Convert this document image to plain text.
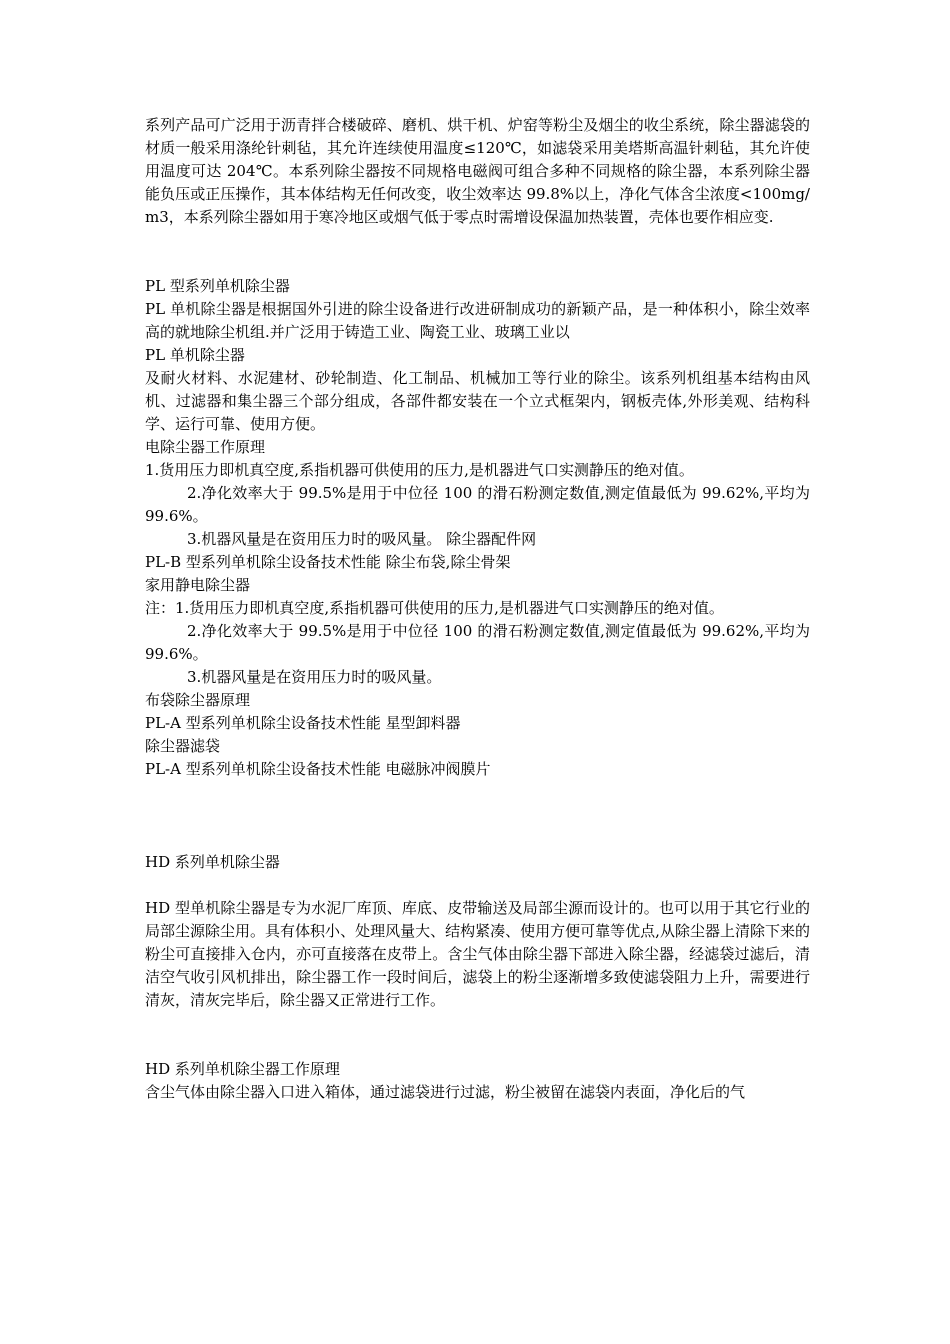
系列产品可广泛用于沥青拌合楼破碎、磨机、烘干机、炉窑等粉尘及烟尘的收尘系统，除尘器滤袋的材质一般采用涤纶针刺毡，其允许连续使用温度≤120℃，如滤袋采用美塔斯高温针刺毡，其允许使用温度可达 204℃。本系列除尘器按不同规格电磁阀可组合多种不同规格的除尘器，本系列除尘器能负压或正压操作，其本体结构无任何改变，收尘效率达 99.8%以上，净化气体含尘浓度<100mg/m3，本系列除尘器如用于寒冷地区或烟气低于零点时需增设保温加热装置，壳体也要作相应变.

PL 型系列单机除尘器

PL 单机除尘器是根据国外引进的除尘设备进行改进研制成功的新颖产品，是一种体积小，除尘效率高的就地除尘机组.并广泛用于铸造工业、陶瓷工业、玻璃工业以

PL 单机除尘器

及耐火材料、水泥建材、砂轮制造、化工制品、机械加工等行业的除尘。该系列机组基本结构由风机、过滤器和集尘器三个部分组成，各部件都安装在一个立式框架内，钢板壳体,外形美观、结构科学、运行可靠、使用方便。

电除尘器工作原理

1.货用压力即机真空度,系指机器可供使用的压力,是机器进气口实测静压的绝对值。

2.净化效率大于 99.5%是用于中位径 100 的滑石粉测定数值,测定值最低为 99.62%,平均为 99.6%。

3.机器风量是在资用压力时的吸风量。 除尘器配件网

PL-B 型系列单机除尘设备技术性能 除尘布袋,除尘骨架

家用静电除尘器

注：1.货用压力即机真空度,系指机器可供使用的压力,是机器进气口实测静压的绝对值。

2.净化效率大于 99.5%是用于中位径 100 的滑石粉测定数值,测定值最低为 99.62%,平均为 99.6%。

3.机器风量是在资用压力时的吸风量。

布袋除尘器原理

PL-A 型系列单机除尘设备技术性能 星型卸料器

除尘器滤袋

PL-A 型系列单机除尘设备技术性能 电磁脉冲阀膜片

HD 系列单机除尘器

HD 型单机除尘器是专为水泥厂库顶、库底、皮带输送及局部尘源而设计的。也可以用于其它行业的局部尘源除尘用。具有体积小、处理风量大、结构紧凑、使用方便可靠等优点,从除尘器上清除下来的粉尘可直接排入仓内，亦可直接落在皮带上。含尘气体由除尘器下部进入除尘器，经滤袋过滤后，清洁空气收引风机排出，除尘器工作一段时间后，滤袋上的粉尘逐渐增多致使滤袋阻力上升，需要进行清灰，清灰完毕后，除尘器又正常进行工作。

HD 系列单机除尘器工作原理

含尘气体由除尘器入口进入箱体，通过滤袋进行过滤，粉尘被留在滤袋内表面，净化后的气
